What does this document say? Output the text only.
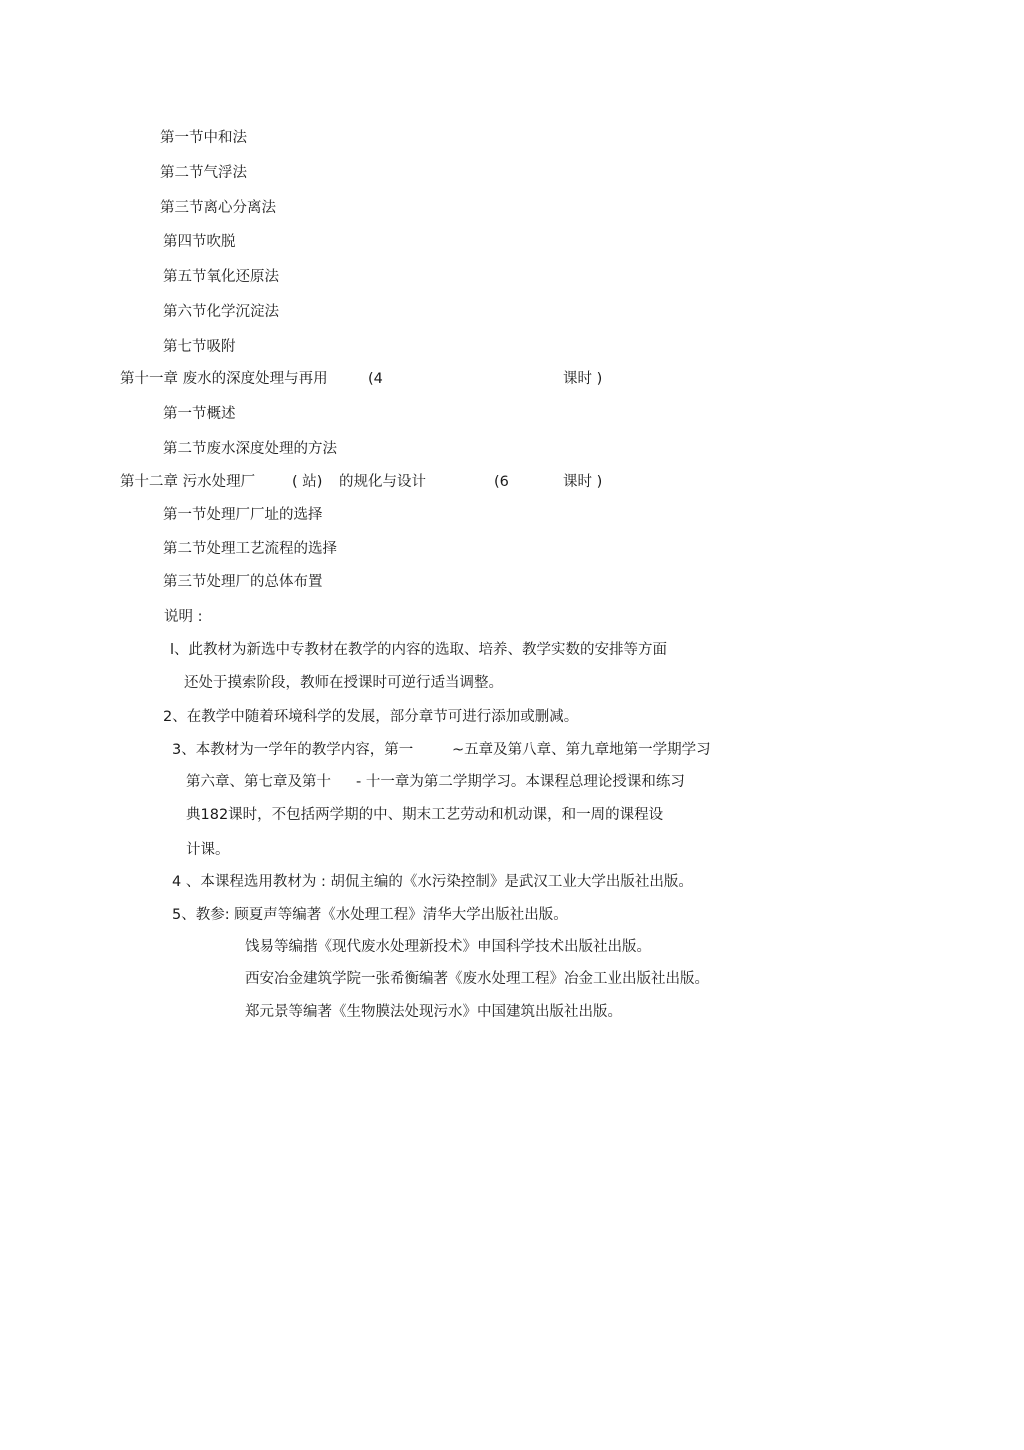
第一节中和法
第二节气浮法
第三节离心分离法
第四节吹脱
第五节氧化还原法
第六节化学沉淀法
第七节吸附
第十一章 废水的深度处理与再用	(4	课时 )
第一节概述
第二节废水深度处理的方法
第十二章 污水处理厂	( 站) 的规化与设计	(6	课时 )
第一节处理厂厂址的选择
第二节处理工艺流程的选择
第三节处理厂的总体布置
说明 :
l、此教材为新选中专教材在教学的内容的选取、培养、教学实数的安排等方面
还处于摸索阶段，教师在授课时可逆行适当调整。
2、在教学中随着环境科学的发展，部分章节可进行添加或删减。
3、本教材为一学年的教学内容，第一	~五章及第八章、第九章地第一学期学习
第六章、第七章及第十 - 十一章为第二学期学习。本课程总理论授课和练习
典182课时，不包括两学期的中、期末工艺劳动和机动课，和一周的课程设
计课。
4 、本课程选用教材为 : 胡侃主编的《水污染控制》是武汉工业大学出版社出版。
5、教参: 顾夏声等编著《水处理工程》清华大学出版社出版。
饯易等编揩《现代废水处理新投术》申国科学技术出版社出版。
西安冶金建筑学院一张希衡编著《废水处理工程》冶金工业出版社出版。
郑元景等编著《生物膜法处现污水》中国建筑出版社出版。
